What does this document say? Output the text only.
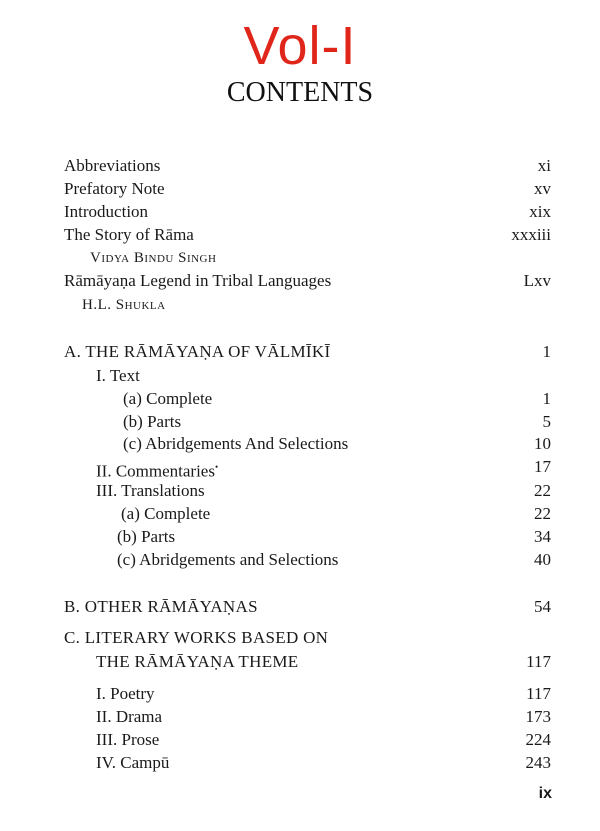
Vol-I
CONTENTS
Abbreviations	xi
Prefatory Note	xv
Introduction	xix
The Story of Rāma	xxxiii
Vidya Bindu Singh
Rāmāyaṇa Legend in Tribal Languages	Lxv
H.L. Shukla
A. THE RĀMĀYAṆA OF VĀLMĪKĪ	1
I. Text
(a) Complete	1
(b) Parts	5
(c) Abridgements And Selections	10
II. Commentaries•	17
III. Translations	22
(a) Complete	22
(b) Parts	34
(c) Abridgements and Selections	40
B. OTHER RĀMĀYAṆAS	54
C. LITERARY WORKS BASED ON
THE RĀMĀYAṆA THEME	117
I. Poetry	117
II. Drama	173
III. Prose	224
IV. Campū	243
ix
